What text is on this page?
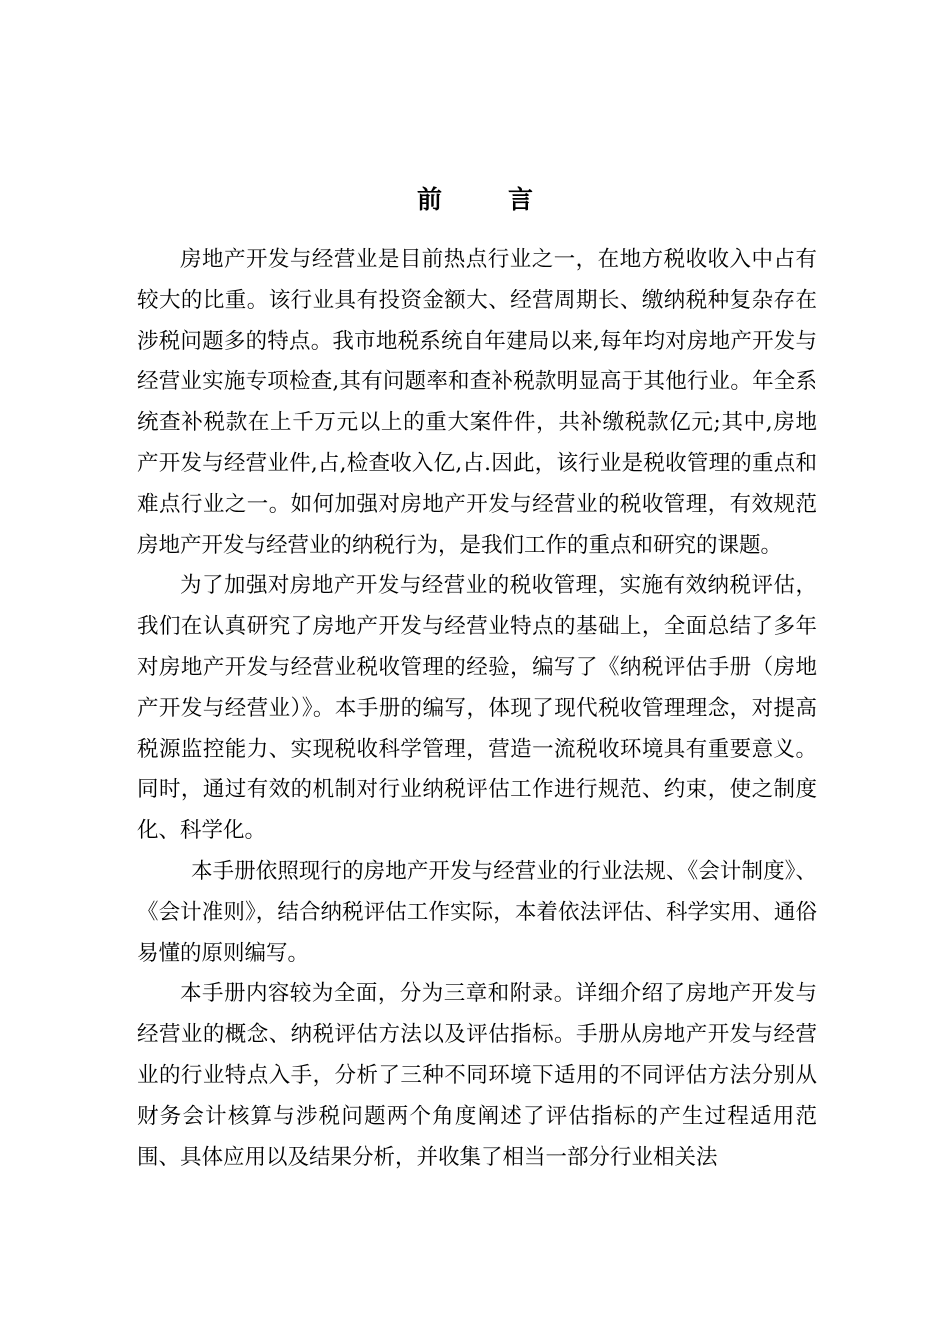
前	言

房地产开发与经营业是目前热点行业之一，在地方税收收入中占有较大的比重。该行业具有投资金额大、经营周期长、缴纳税种复杂存在涉税问题多的特点。我市地税系统自年建局以来,每年均对房地产开发与经营业实施专项检查,其有问题率和查补税款明显高于其他行业。年全系统查补税款在上千万元以上的重大案件件，共补缴税款亿元;其中,房地产开发与经营业件,占,检查收入亿,占.因此，该行业是税收管理的重点和难点行业之一。如何加强对房地产开发与经营业的税收管理，有效规范房地产开发与经营业的纳税行为，是我们工作的重点和研究的课题。

为了加强对房地产开发与经营业的税收管理，实施有效纳税评估，我们在认真研究了房地产开发与经营业特点的基础上，全面总结了多年对房地产开发与经营业税收管理的经验，编写了《纳税评估手册（房地产开发与经营业）》。本手册的编写，体现了现代税收管理理念，对提高税源监控能力、实现税收科学管理，营造一流税收环境具有重要意义。同时，通过有效的机制对行业纳税评估工作进行规范、约束，使之制度化、科学化。

本手册依照现行的房地产开发与经营业的行业法规、《会计制度》、《会计准则》，结合纳税评估工作实际，本着依法评估、科学实用、通俗易懂的原则编写。

本手册内容较为全面，分为三章和附录。详细介绍了房地产开发与经营业的概念、纳税评估方法以及评估指标。手册从房地产开发与经营业的行业特点入手，分析了三种不同环境下适用的不同评估方法分别从财务会计核算与涉税问题两个角度阐述了评估指标的产生过程适用范围、具体应用以及结果分析，并收集了相当一部分行业相关法
